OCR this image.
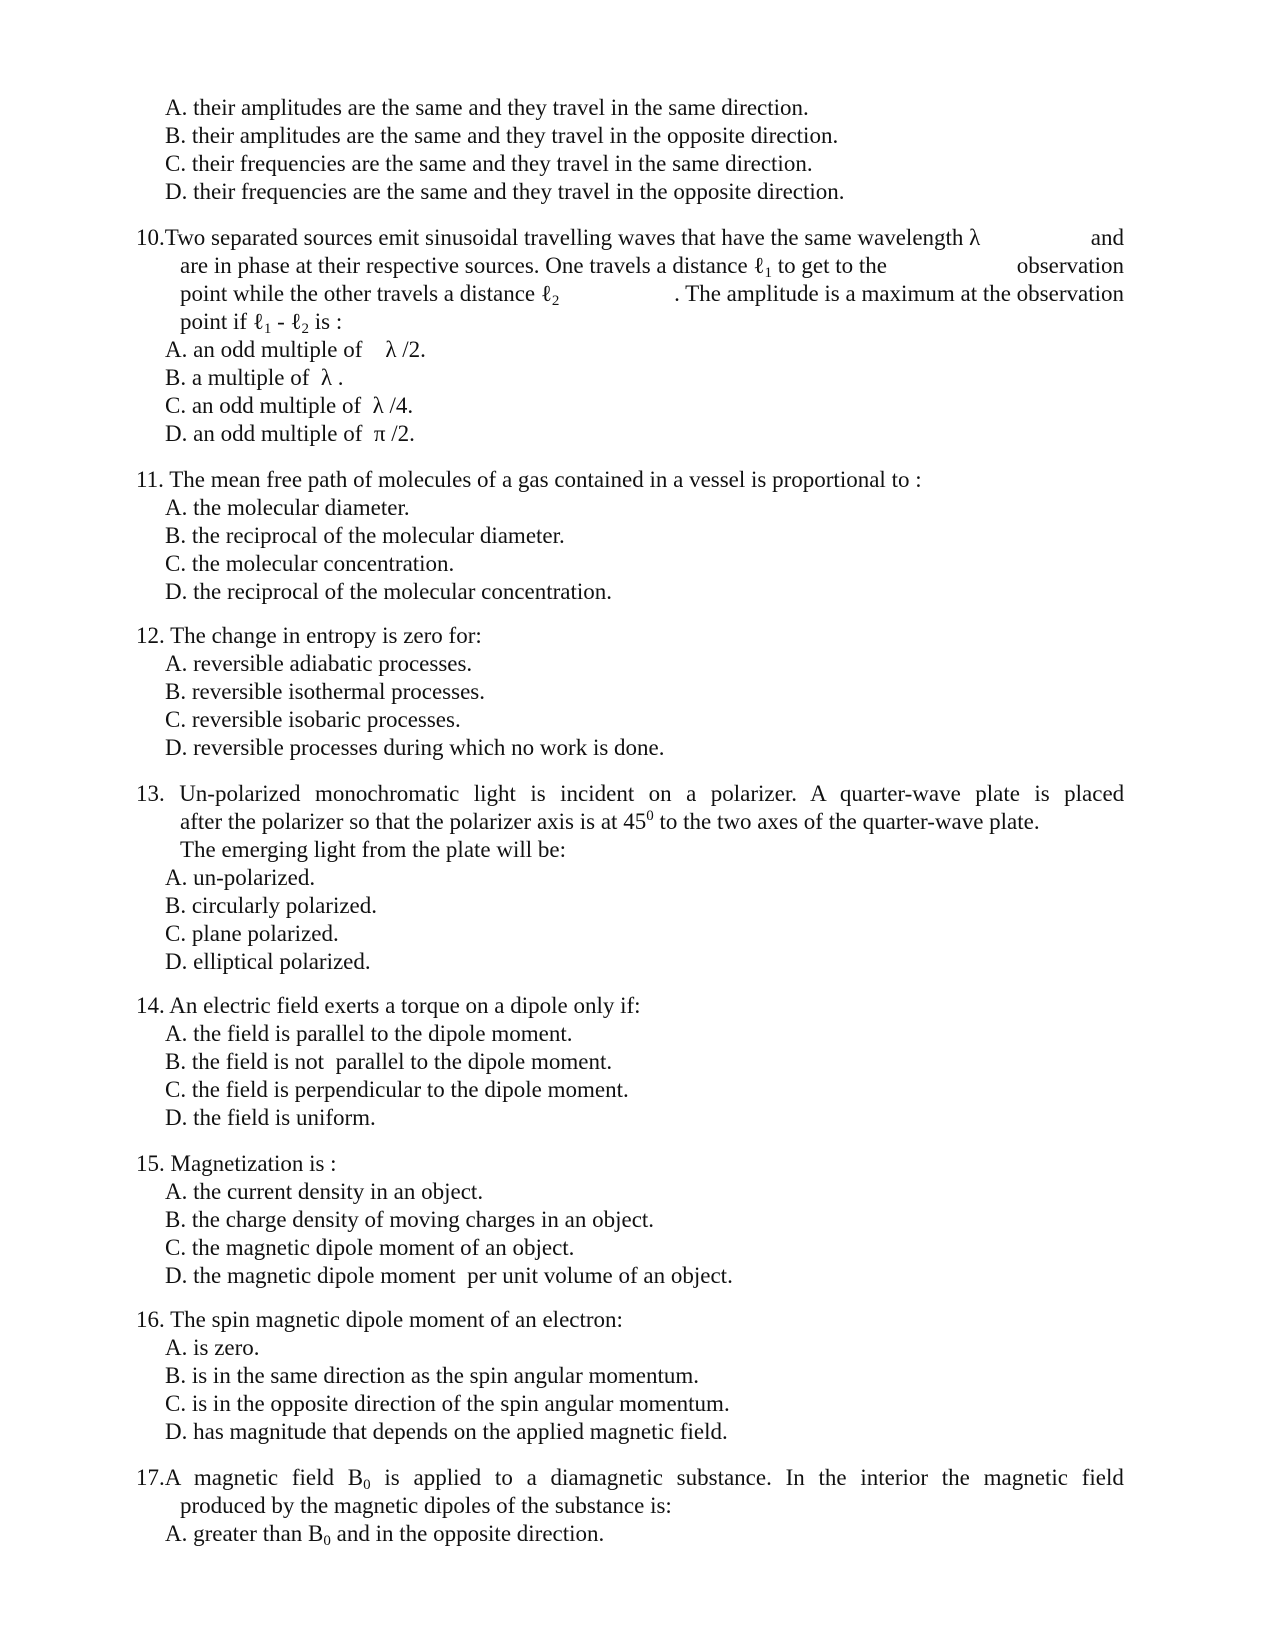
A. their amplitudes are the same and they travel in the same direction.
B. their amplitudes are the same and they travel in the opposite direction.
C. their frequencies are the same and they travel in the same direction.
D. their frequencies are the same and they travel in the opposite direction.
10.Two separated sources emit sinusoidal travelling waves that have the same wavelength λ	and
are in phase at their respective sources. One travels a distance ℓ$_1$ to get to the	observation
point while the other travels a distance ℓ$_2$	. The amplitude is a maximum at the observation
point if ℓ$_1$ - ℓ$_2$ is :
A. an odd multiple of    λ /2.
B. a multiple of  λ .
C. an odd multiple of  λ /4.
D. an odd multiple of  π /2.
11. The mean free path of molecules of a gas contained in a vessel is proportional to :
A. the molecular diameter.
B. the reciprocal of the molecular diameter.
C. the molecular concentration.
D. the reciprocal of the molecular concentration.
12. The change in entropy is zero for:
A. reversible adiabatic processes.
B. reversible isothermal processes.
C. reversible isobaric processes.
D. reversible processes during which no work is done.
13. Un-polarized monochromatic light is incident on a polarizer. A quarter-wave plate is placed
after the polarizer so that the polarizer axis is at $45^0$ to the two axes of the quarter-wave plate.
The emerging light from the plate will be:
A. un-polarized.
B. circularly polarized.
C. plane polarized.
D. elliptical polarized.
14. An electric field exerts a torque on a dipole only if:
A. the field is parallel to the dipole moment.
B. the field is not  parallel to the dipole moment.
C. the field is perpendicular to the dipole moment.
D. the field is uniform.
15. Magnetization is :
A. the current density in an object.
B. the charge density of moving charges in an object.
C. the magnetic dipole moment of an object.
D. the magnetic dipole moment  per unit volume of an object.
16. The spin magnetic dipole moment of an electron:
A. is zero.
B. is in the same direction as the spin angular momentum.
C. is in the opposite direction of the spin angular momentum.
D. has magnitude that depends on the applied magnetic field.
17.A magnetic field $B_0$ is applied to a diamagnetic substance. In the interior the magnetic field
produced by the magnetic dipoles of the substance is:
A. greater than $B_0$ and in the opposite direction.
